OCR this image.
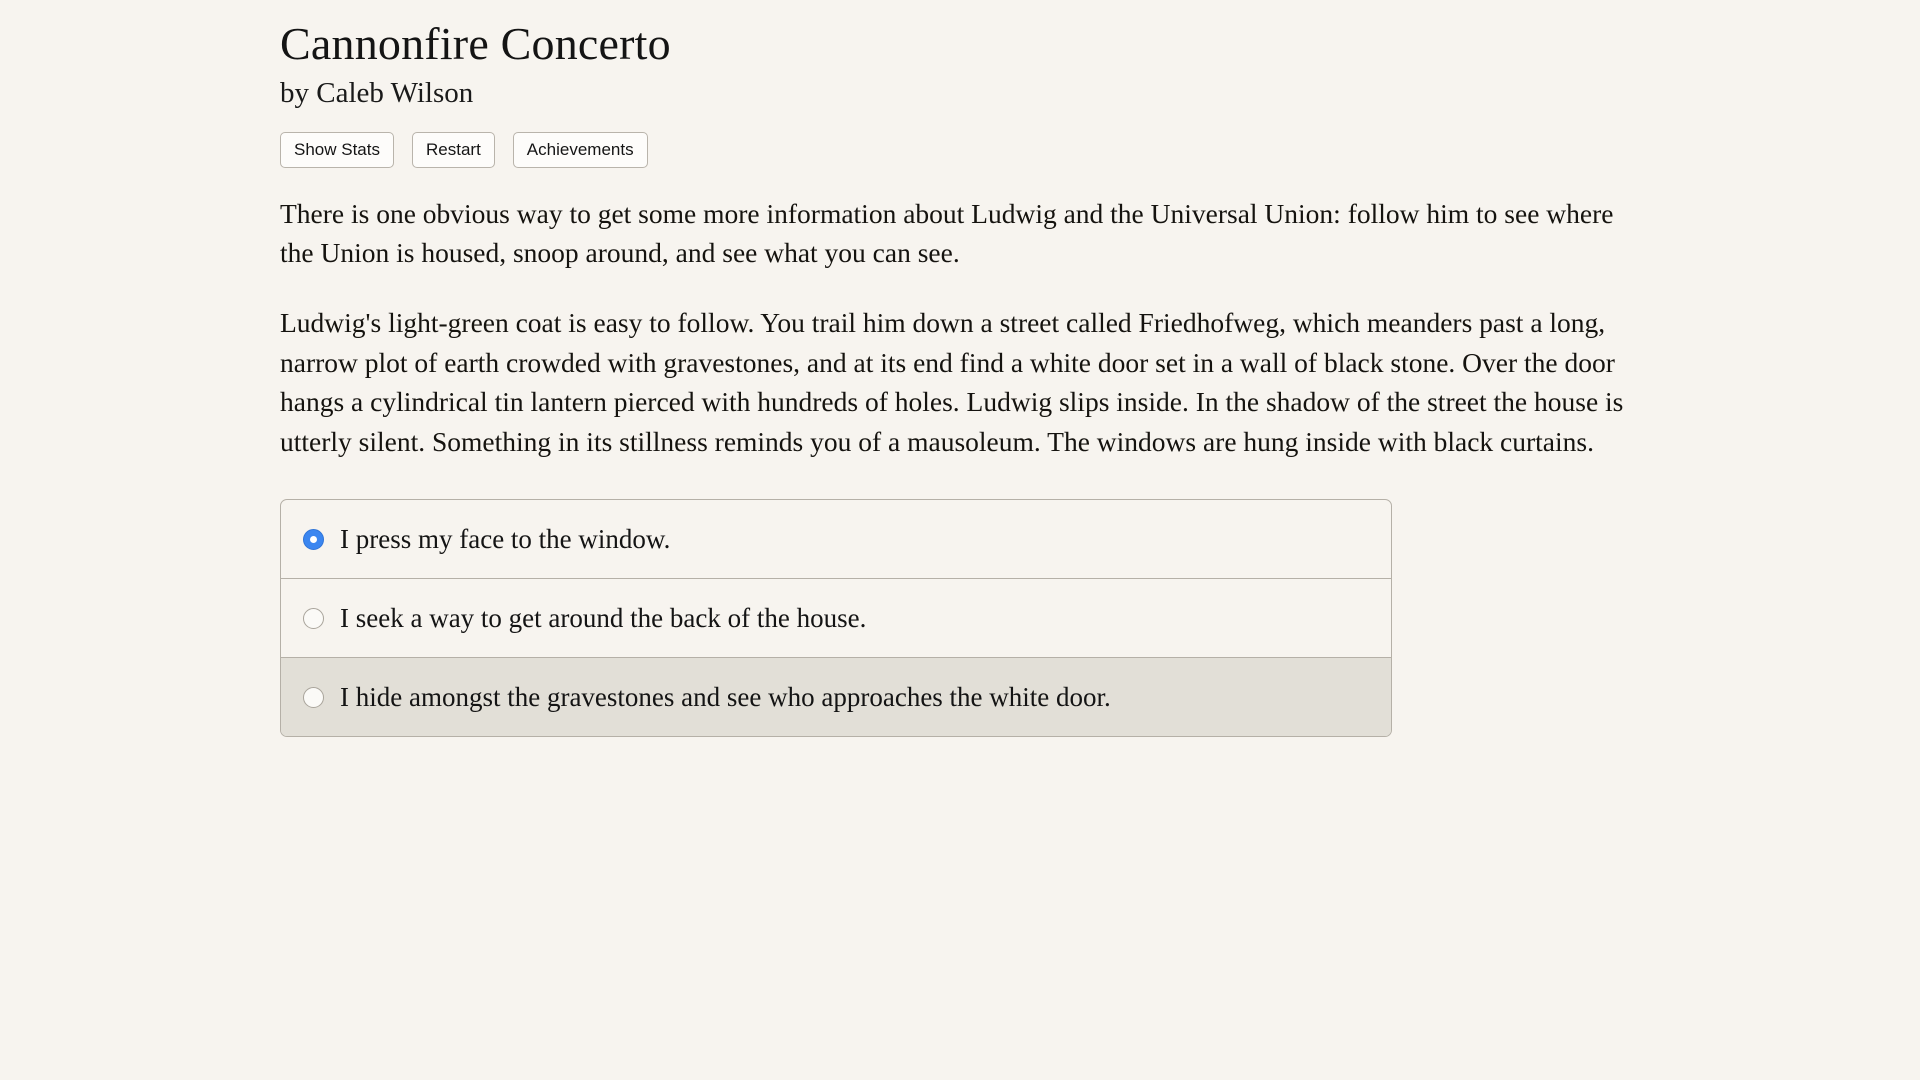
Cannonfire Concerto
by Caleb Wilson
Show Stats	Restart	Achievements

There is one obvious way to get some more information about Ludwig and the Universal Union: follow him to see where the Union is housed, snoop around, and see what you can see.

Ludwig's light-green coat is easy to follow. You trail him down a street called Friedhofweg, which meanders past a long, narrow plot of earth crowded with gravestones, and at its end find a white door set in a wall of black stone. Over the door hangs a cylindrical tin lantern pierced with hundreds of holes. Ludwig slips inside. In the shadow of the street the house is utterly silent. Something in its stillness reminds you of a mausoleum. The windows are hung inside with black curtains.

I press my face to the window.
I seek a way to get around the back of the house.
I hide amongst the gravestones and see who approaches the white door.
